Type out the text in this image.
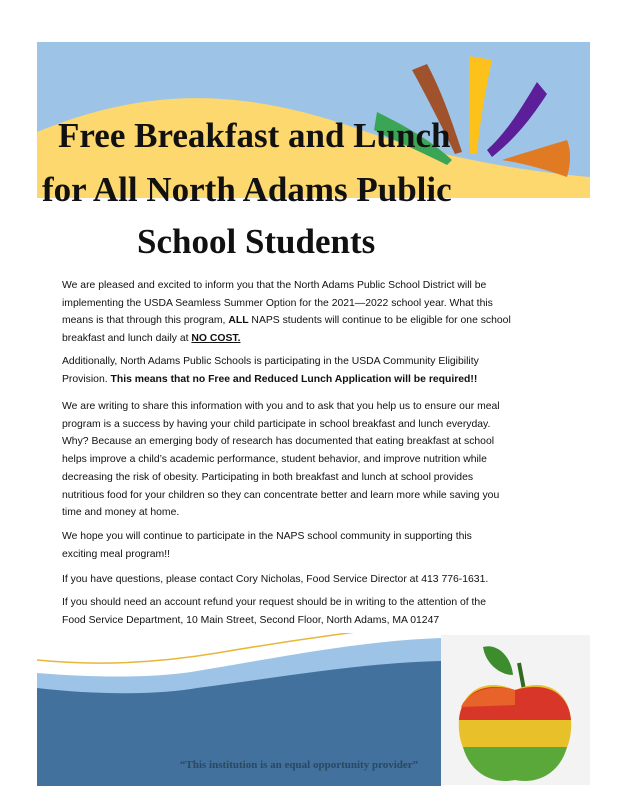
Free Breakfast and Lunch
for All North Adams Public
School Students
We are pleased and excited to inform you that the North Adams Public School District will be
implementing the USDA Seamless Summer Option for the 2021—2022 school year. What this
means is that through this program, ALL NAPS students will continue to be eligible for one school
breakfast and lunch daily at NO COST.
Additionally, North Adams Public Schools is participating in the USDA Community Eligibility
Provision. This means that no Free and Reduced Lunch Application will be required!!
We are writing to share this information with you and to ask that you help us to ensure our meal
program is a success by having your child participate in school breakfast and lunch everyday.
Why? Because an emerging body of research has documented that eating breakfast at school
helps improve a child’s academic performance, student behavior, and improve nutrition while
decreasing the risk of obesity. Participating in both breakfast and lunch at school provides
nutritious food for your children so they can concentrate better and learn more while saving you
time and money at home.
We hope you will continue to participate in the NAPS school community in supporting this
exciting meal program!!
If you have questions, please contact Cory Nicholas, Food Service Director at 413 776-1631.
If you should need an account refund your request should be in writing to the attention of the
Food Service Department, 10 Main Street, Second Floor, North Adams, MA 01247
“This institution is an equal opportunity provider”
